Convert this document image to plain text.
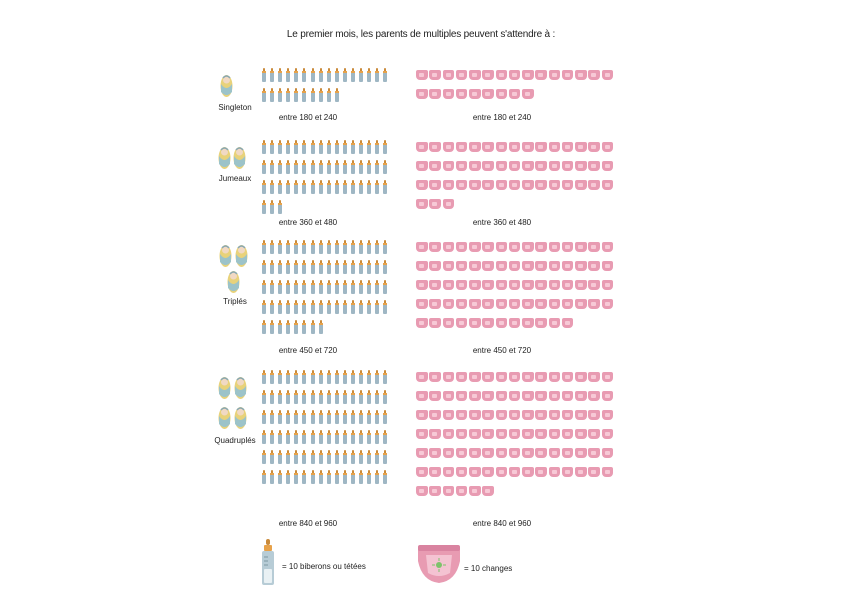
Le premier mois, les parents de multiples peuvent s'attendre à :
Singleton
entre 180 et 240	entre 180 et 240
Jumeaux
entre 360 et 480	entre 360 et 480
Triplés
entre 450 et 720	entre 450 et 720
Quadruplés
entre 840 et 960	entre 840 et 960
= 10 biberons ou tétées	= 10 changes
